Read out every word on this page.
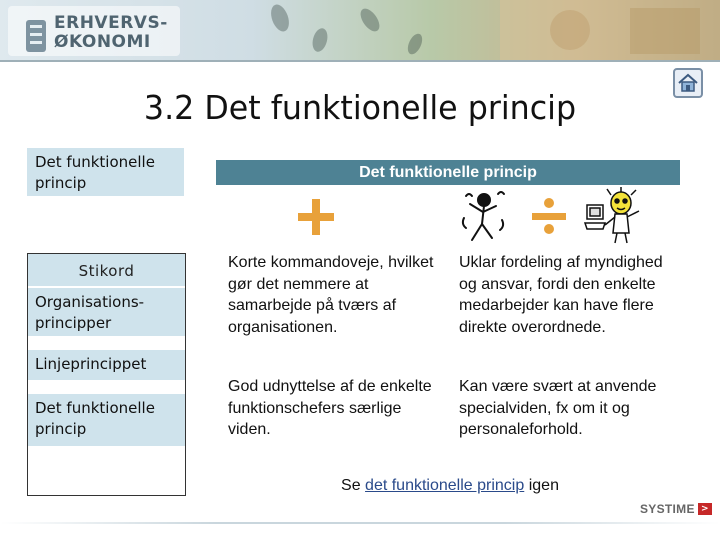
ERHVERVS-
ØKONOMI
3.2 Det funktionelle princip
Det funktionelle princip
Stikord
Organisations-principper
Linjeprincippet
Det funktionelle princip
Det funktionelle princip
Korte kommandoveje, hvilket gør det nemmere at samarbejde på tværs af organisationen.
Uklar fordeling af myndighed og ansvar, fordi den enkelte medarbejder kan have flere direkte overordnede.
God udnyttelse af de enkelte funktionschefers særlige viden.
Kan være svært at anvende specialviden, fx om it og personaleforhold.
Se det funktionelle princip igen
SYSTIME >
